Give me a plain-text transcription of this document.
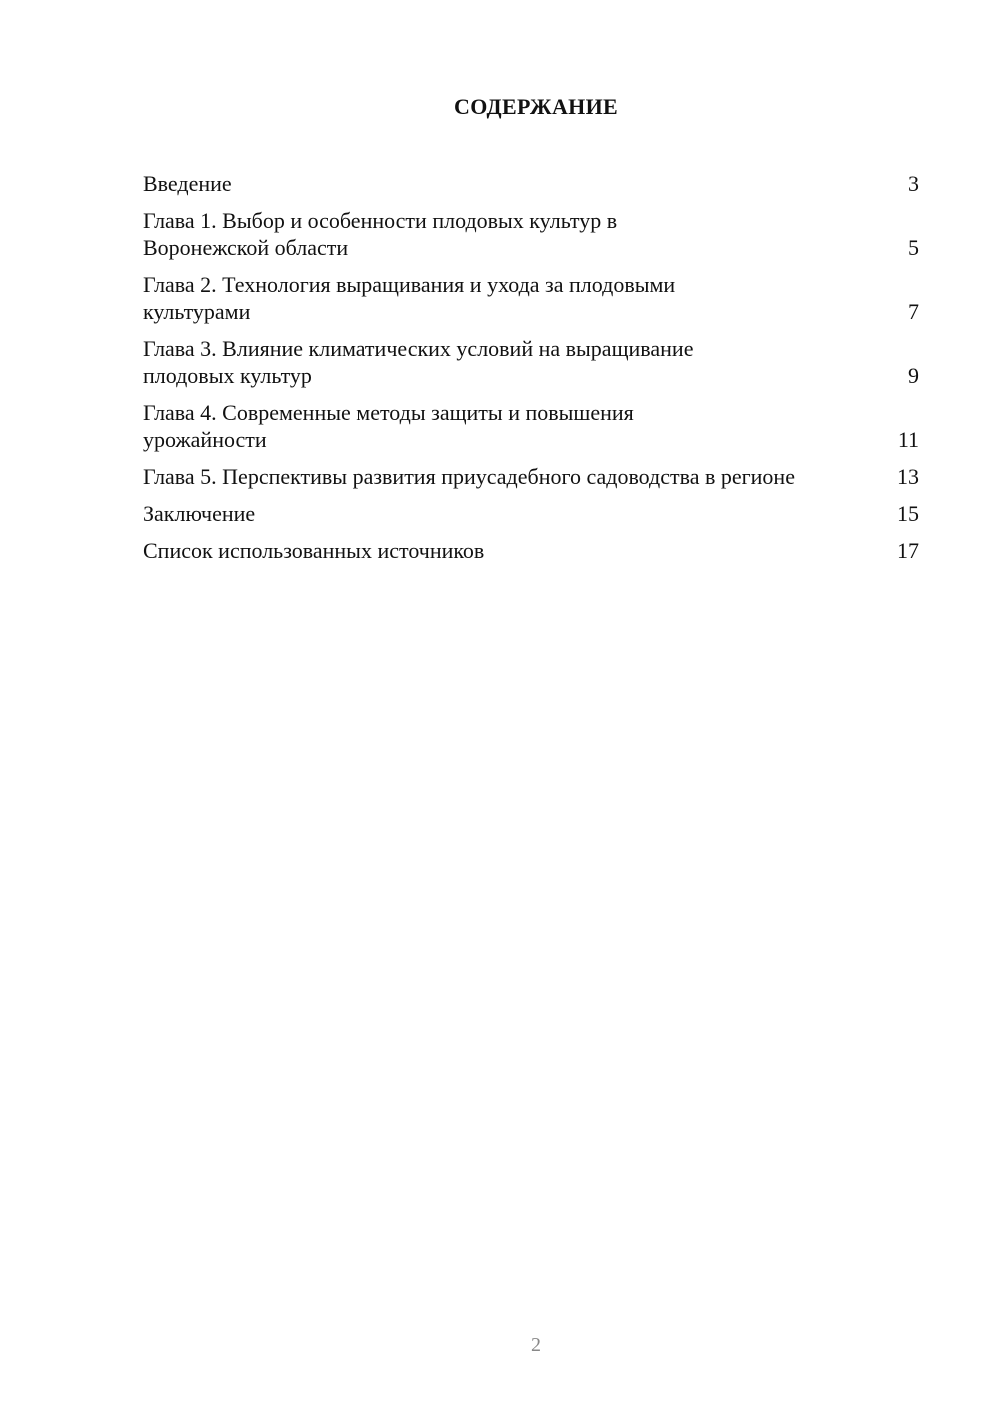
СОДЕРЖАНИЕ
Введение	3
Глава 1. Выбор и особенности плодовых культур в Воронежской области	5
Глава 2. Технология выращивания и ухода за плодовыми культурами	7
Глава 3. Влияние климатических условий на выращивание плодовых культур	9
Глава 4. Современные методы защиты и повышения урожайности	11
Глава 5. Перспективы развития приусадебного садоводства в регионе	13
Заключение	15
Список использованных источников	17
2
